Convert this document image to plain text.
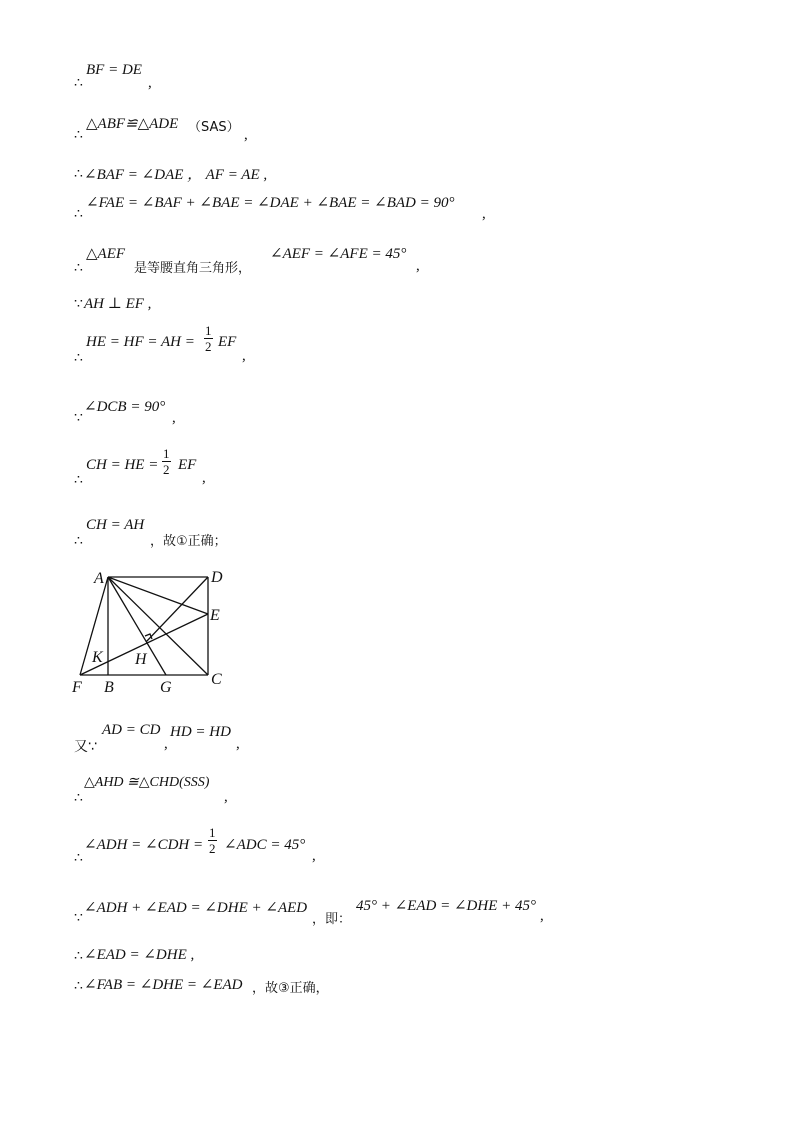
∴
BF = DE
,
∴
△ABF≌△ADE （SAS） ,
∴ ∠BAF = ∠DAE ， AF = AE ,
∴
∠FAE = ∠BAF + ∠BAE = ∠DAE + ∠BAE = ∠BAD = 90°
,
∴
△AEF
是等腰直角三角形，
∠AEF = ∠AFE = 45°
,
∵ AH ⊥ EF ,
∴
HE = HF = AH = $\frac{1}{2}$ EF
,
∵
∠DCB = 90°
,
∴
CH = HE = $\frac{1}{2}$ EF
,
∴
CH = AH
，故①正确；
A	D
E
K H
F B	G C
又∵
AD = CD
,
HD = HD
,
∴
△AHD ≅△CHD(SSS)
,
∴
∠ADH = ∠CDH = $\frac{1}{2}$ ∠ADC = 45°
,
∵
∠ADH + ∠EAD = ∠DHE + ∠AED
，即：
45° + ∠EAD = ∠DHE + 45°
,
∴ ∠EAD = ∠DHE ,
∴ ∠FAB = ∠DHE = ∠EAD ，故③正确，
